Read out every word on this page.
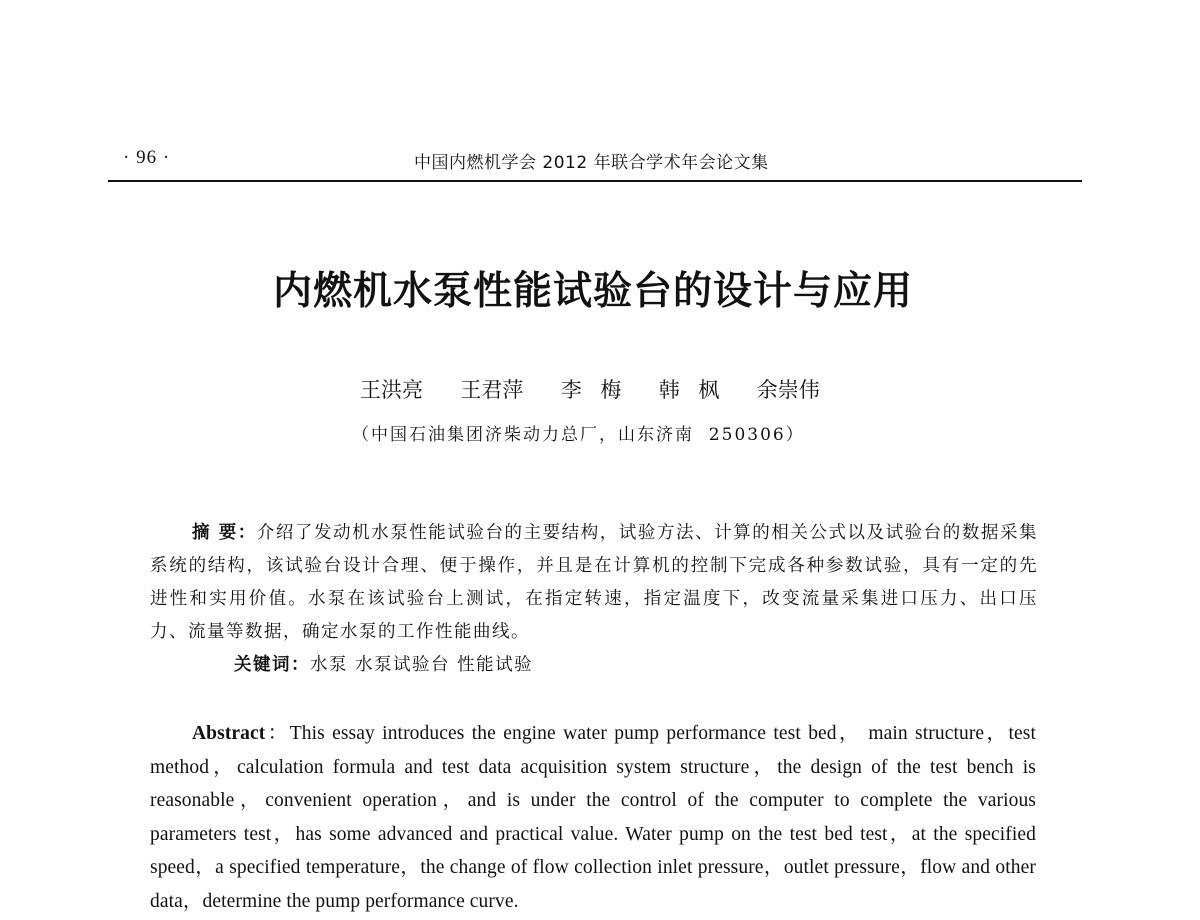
· 96 ·	中国内燃机学会 2012 年联合学术年会论文集
内燃机水泵性能试验台的设计与应用
王洪亮  王君萍  李 梅  韩 枫  余崇伟
（中国石油集团济柴动力总厂，山东济南  250306）

摘 要：介绍了发动机水泵性能试验台的主要结构，试验方法、计算的相关公式以及试验台的数据采集系统的结构，该试验台设计合理、便于操作，并且是在计算机的控制下完成各种参数试验，具有一定的先进性和实用价值。水泵在该试验台上测试，在指定转速，指定温度下，改变流量采集进口压力、出口压力、流量等数据，确定水泵的工作性能曲线。

关键词：水泵 水泵试验台 性能试验

Abstract：This essay introduces the engine water pump performance test bed， main structure，test method，calculation formula and test data acquisition system structure，the design of the test bench is reasonable，convenient operation，and is under the control of the computer to complete the various parameters test，has some advanced and practical value. Water pump on the test bed test，at the specified speed，a specified temperature，the change of flow collection inlet pressure，outlet pressure，flow and other data，determine the pump performance curve.
